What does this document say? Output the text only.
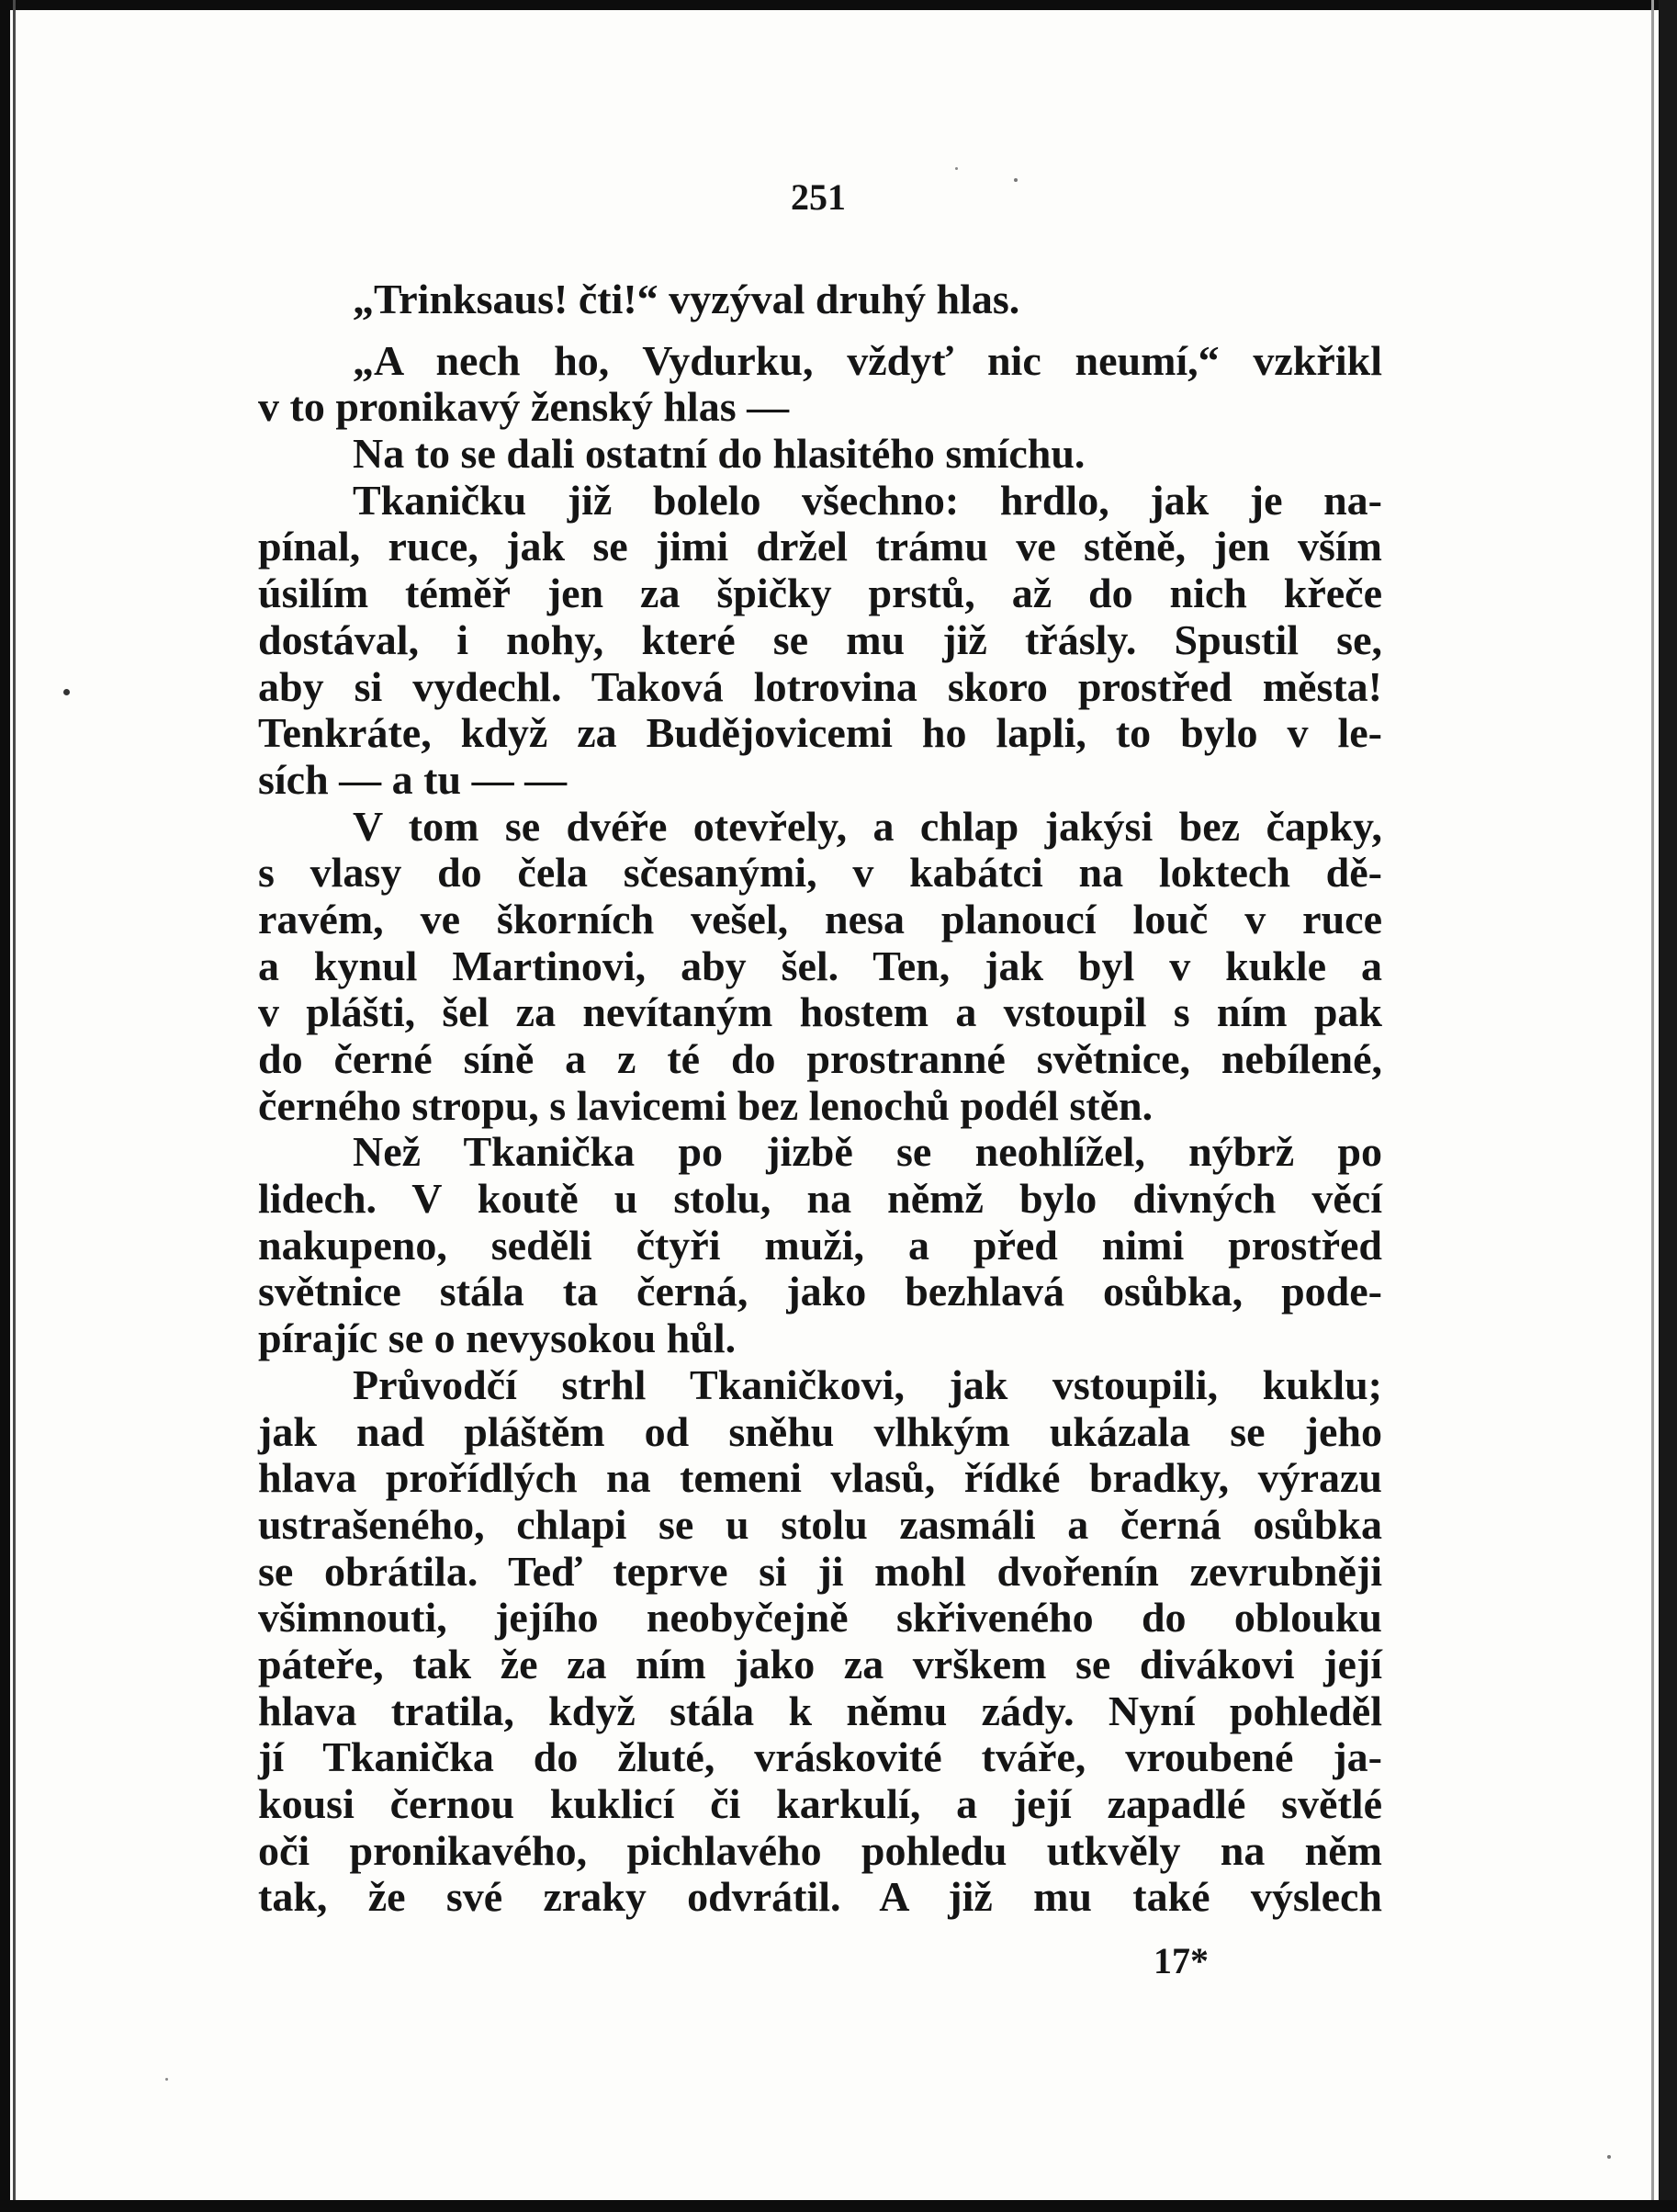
251
„Trinksaus! čti!“ vyzýval druhý hlas.
„A nech ho, Vydurku, vždyť nic neumí,“ vzkřikl
v to pronikavý ženský hlas —
Na to se dali ostatní do hlasitého smíchu.
Tkaničku již bolelo všechno: hrdlo, jak je na-
pínal, ruce, jak se jimi držel trámu ve stěně, jen vším
úsilím téměř jen za špičky prstů, až do nich křeče
dostával, i nohy, které se mu již třásly. Spustil se,
aby si vydechl. Taková lotrovina skoro prostřed města!
Tenkráte, když za Budějovicemi ho lapli, to bylo v le-
sích — a tu — —
V tom se dvéře otevřely, a chlap jakýsi bez čapky,
s vlasy do čela sčesanými, v kabátci na loktech dě-
ravém, ve škorních vešel, nesa planoucí louč v ruce
a kynul Martinovi, aby šel. Ten, jak byl v kukle a
v plášti, šel za nevítaným hostem a vstoupil s ním pak
do černé síně a z té do prostranné světnice, nebílené,
černého stropu, s lavicemi bez lenochů podél stěn.
Než Tkanička po jizbě se neohlížel, nýbrž po
lidech. V koutě u stolu, na němž bylo divných věcí
nakupeno, seděli čtyři muži, a před nimi prostřed
světnice stála ta černá, jako bezhlavá osůbka, pode-
pírajíc se o nevysokou hůl.
Průvodčí strhl Tkaničkovi, jak vstoupili, kuklu;
jak nad pláštěm od sněhu vlhkým ukázala se jeho
hlava prořídlých na temeni vlasů, řídké bradky, výrazu
ustrašeného, chlapi se u stolu zasmáli a černá osůbka
se obrátila. Teď teprve si ji mohl dvořenín zevrubněji
všimnouti, jejího neobyčejně skřiveného do oblouku
páteře, tak že za ním jako za vrškem se divákovi její
hlava tratila, když stála k němu zády. Nyní pohleděl
jí Tkanička do žluté, vráskovité tváře, vroubené ja-
kousi černou kuklicí či karkulí, a její zapadlé světlé
oči pronikavého, pichlavého pohledu utkvěly na něm
tak, že své zraky odvrátil. A již mu také výslech
17*
